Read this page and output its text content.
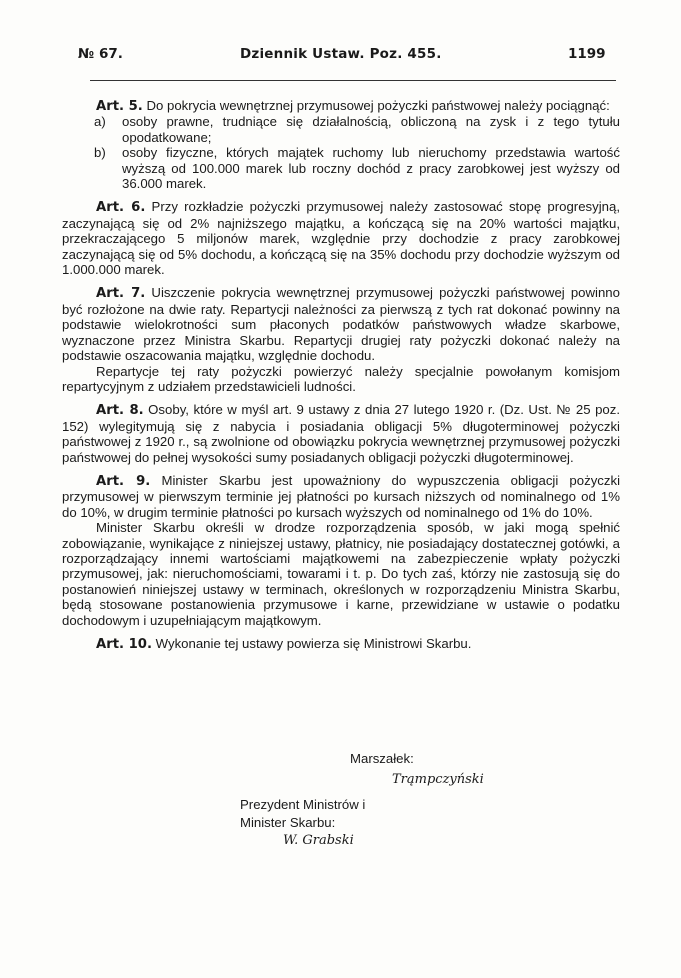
№ 67.	Dziennik Ustaw. Poz. 455.	1199

Art. 5. Do pokrycia wewnętrznej przymusowej pożyczki państwowej należy pociągnąć:

a)	osoby prawne, trudniące się działalnością, obliczoną na zysk i z tego tytułu opodatkowane;
b)	osoby fizyczne, których majątek ruchomy lub nieruchomy przedstawia wartość wyższą od 100.000 marek lub roczny dochód z pracy zarobkowej jest wyższy od 36.000 marek.

Art. 6. Przy rozkładzie pożyczki przymusowej należy zastosować stopę progresyjną, zaczynającą się od 2% najniższego majątku, a kończącą się na 20% wartości majątku, przekraczającego 5 miljonów marek, względnie przy dochodzie z pracy zarobkowej zaczynającą się od 5% dochodu, a kończącą się na 35% dochodu przy dochodzie wyższym od 1.000.000 marek.

Art. 7. Uiszczenie pokrycia wewnętrznej przymusowej pożyczki państwowej powinno być rozłożone na dwie raty. Repartycji należności za pierwszą z tych rat dokonać powinny na podstawie wielokrotności sum płaconych podatków państwowych władze skarbowe, wyznaczone przez Ministra Skarbu. Repartycji drugiej raty pożyczki dokonać należy na podstawie oszacowania majątku, względnie dochodu.

Repartycje tej raty pożyczki powierzyć należy specjalnie powołanym komisjom repartycyjnym z udziałem przedstawicieli ludności.

Art. 8. Osoby, które w myśl art. 9 ustawy z dnia 27 lutego 1920 r. (Dz. Ust. № 25 poz. 152) wylegitymują się z nabycia i posiadania obligacji 5% długoterminowej pożyczki państwowej z 1920 r., są zwolnione od obowiązku pokrycia wewnętrznej przymusowej pożyczki państwowej do pełnej wysokości sumy posiadanych obligacji pożyczki długoterminowej.

Art. 9. Minister Skarbu jest upoważniony do wypuszczenia obligacji pożyczki przymusowej w pierwszym terminie jej płatności po kursach niższych od nominalnego od 1% do 10%, w drugim terminie płatności po kursach wyższych od nominalnego od 1% do 10%.

Minister Skarbu określi w drodze rozporządzenia sposób, w jaki mogą spełnić zobowiązanie, wynikające z niniejszej ustawy, płatnicy, nie posiadający dostatecznej gotówki, a rozporządzający innemi wartościami majątkowemi na zabezpieczenie wpłaty pożyczki przymusowej, jak: nieruchomościami, towarami i t. p. Do tych zaś, którzy nie zastosują się do postanowień niniejszej ustawy w terminach, określonych w rozporządzeniu Ministra Skarbu, będą stosowane postanowienia przymusowe i karne, przewidziane w ustawie o podatku dochodowym i uzupełniającym majątkowym.

Art. 10. Wykonanie tej ustawy powierza się Ministrowi Skarbu.

Marszałek:
Trąmpczyński
Prezydent Ministrów i
Minister Skarbu:
W. Grabski
